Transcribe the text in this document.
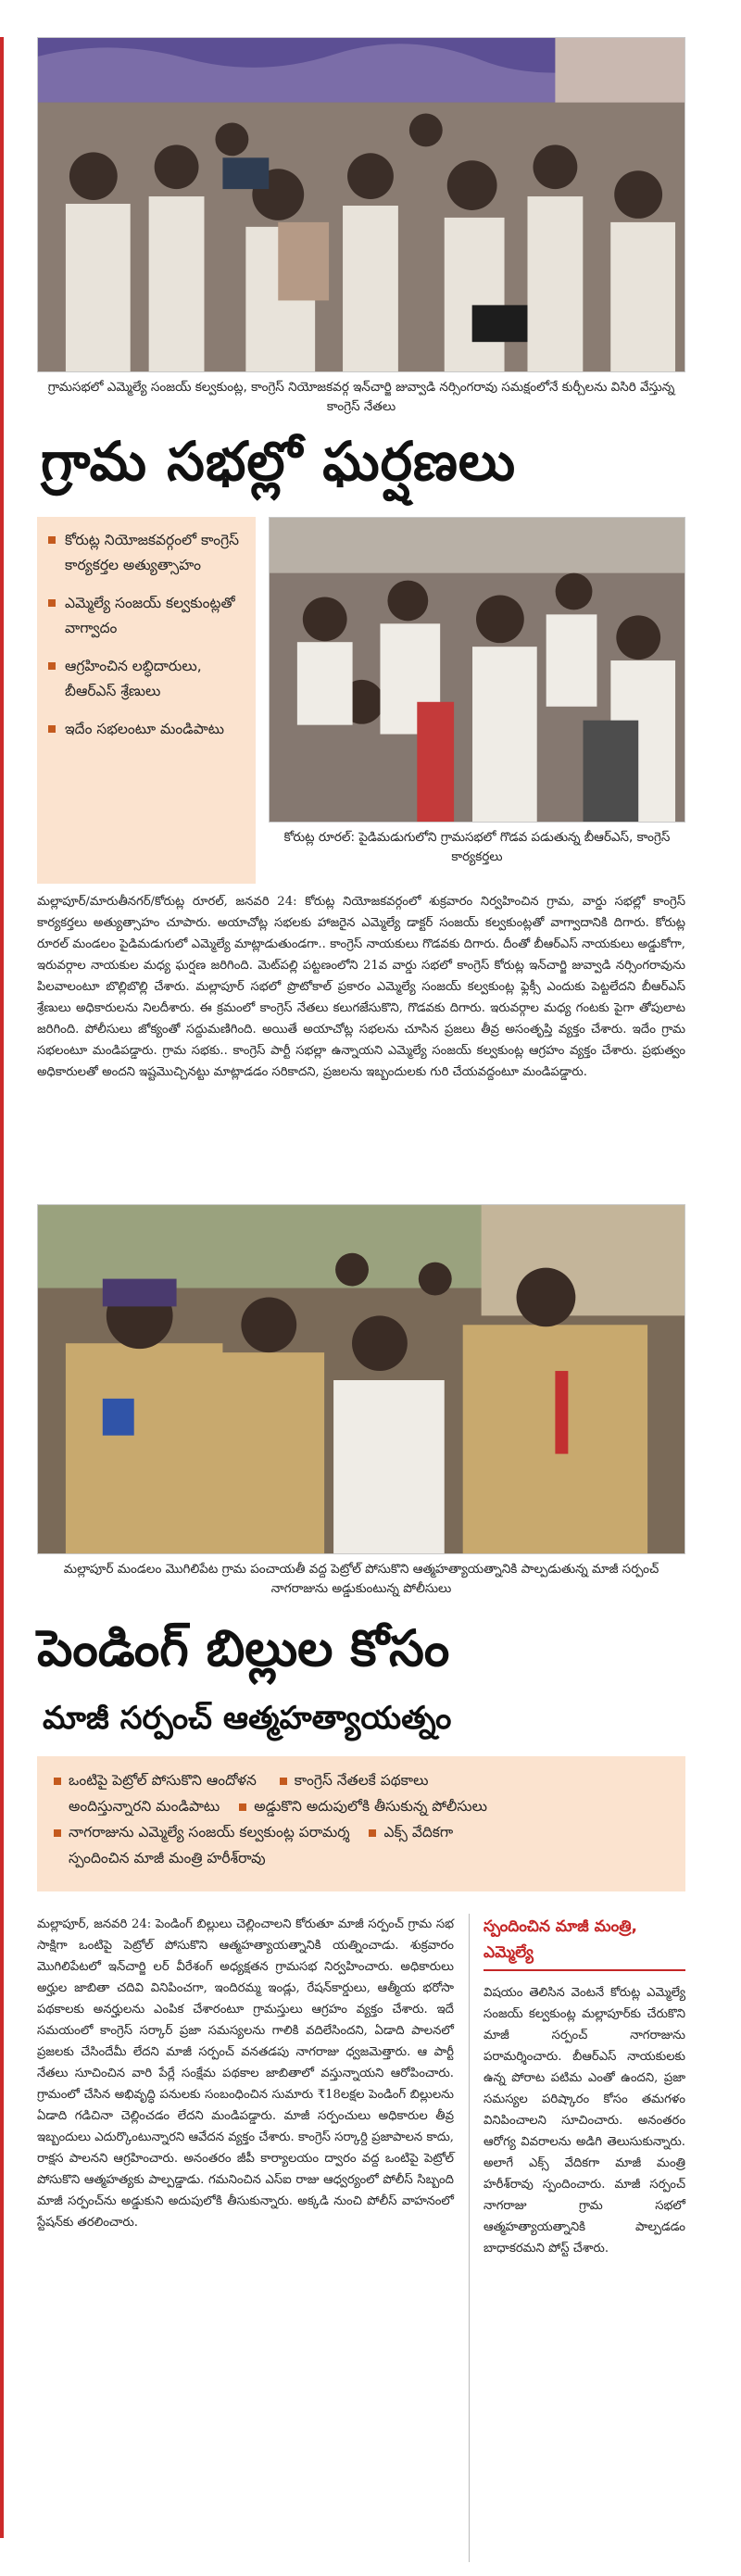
గ్రామసభలో ఎమ్మెల్యే సంజయ్ కల్వకుంట్ల, కాంగ్రెస్ నియోజకవర్గ ఇన్‌చార్జి జువ్వాడి నర్సింగరావు సమక్షంలోనే కుర్చీలను విసిరి వేస్తున్న కాంగ్రెస్ నేతలు
గ్రామ సభల్లో ఘర్షణలు
కోరుట్ల నియోజకవర్గంలో కాంగ్రెస్ కార్యకర్తల అత్యుత్సాహం
ఎమ్మెల్యే సంజయ్ కల్వకుంట్లతో వాగ్వాదం
ఆగ్రహించిన లబ్ధిదారులు, బీఆర్ఎస్ శ్రేణులు
ఇదేం సభలంటూ మండిపాటు
కోరుట్ల రూరల్: పైడిమడుగులోని గ్రామసభలో గొడవ పడుతున్న బీఆర్ఎస్, కాంగ్రెస్ కార్యకర్తలు
మల్లాపూర్/మారుతీనగర్/కోరుట్ల రూరల్, జనవరి 24: కోరుట్ల నియోజకవర్గంలో శుక్రవారం నిర్వహించిన గ్రామ, వార్డు సభల్లో కాంగ్రెస్ కార్యకర్తలు అత్యుత్సాహం చూపారు. అయాచోట్ల సభలకు హాజరైన ఎమ్మెల్యే డాక్టర్ సంజయ్ కల్వకుంట్లతో వాగ్వాదానికి దిగారు. కోరుట్ల రూరల్ మండలం పైడిమడుగులో ఎమ్మెల్యే మాట్లాడుతుండగా.. కాంగ్రెస్ నాయకులు గొడవకు దిగారు. దీంతో బీఆర్ఎస్ నాయకులు అడ్డుకోగా, ఇరువర్గాల నాయకుల మధ్య ఘర్షణ జరిగింది. మెట్‌పల్లి పట్టణంలోని 21వ వార్డు సభలో కాంగ్రెస్ కోరుట్ల ఇన్‌చార్జి జువ్వాడి నర్సింగరావును పిలవాలంటూ బొల్లిబొల్లి చేశారు. మల్లాపూర్ సభలో ప్రొటోకాల్ ప్రకారం ఎమ్మెల్యే సంజయ్ కల్వకుంట్ల ఫ్లెక్సీ ఎందుకు పెట్టలేదని బీఆర్ఎస్ శ్రేణులు అధికారులను నిలదీశారు. ఈ క్రమంలో కాంగ్రెస్ నేతలు కలుగజేసుకొని, గొడవకు దిగారు. ఇరువర్గాల మధ్య గంటకు పైగా తోపులాట జరిగింది. పోలీసులు జోక్యంతో సద్దుమణిగింది. అయితే అయాచోట్ల సభలను చూసిన ప్రజలు తీవ్ర అసంతృప్తి వ్యక్తం చేశారు. ఇదేం గ్రామ సభలంటూ మండిపడ్డారు. గ్రామ సభకు.. కాంగ్రెస్ పార్టీ సభల్లా ఉన్నాయని ఎమ్మెల్యే సంజయ్ కల్వకుంట్ల ఆగ్రహం వ్యక్తం చేశారు. ప్రభుత్వం అధికారులతో అందని ఇష్టమొచ్చినట్టు మాట్లాడడం సరికాదని, ప్రజలను ఇబ్బందులకు గురి చేయవద్దంటూ మండిపడ్డారు.
మల్లాపూర్ మండలం మొగిలిపేట గ్రామ పంచాయతీ వద్ద పెట్రోల్ పోసుకొని ఆత్మహత్యాయత్నానికి పాల్పడుతున్న మాజీ సర్పంచ్ నాగరాజును అడ్డుకుంటున్న పోలీసులు
పెండింగ్ బిల్లుల కోసం
మాజీ సర్పంచ్ ఆత్మహత్యాయత్నం
ఒంటిపై పెట్రోల్ పోసుకొని ఆందోళన	కాంగ్రెస్ నేతలకే పథకాలు
అందిస్తున్నారని మండిపాటు అడ్డుకొని అదుపులోకి తీసుకున్న పోలీసులు
నాగరాజును ఎమ్మెల్యే సంజయ్ కల్వకుంట్ల పరామర్శ ఎక్స్ వేదికగా
స్పందించిన మాజీ మంత్రి హరీశ్‌రావు
మల్లాపూర్, జనవరి 24: పెండింగ్ బిల్లులు చెల్లించాలని కోరుతూ మాజీ సర్పంచ్ గ్రామ సభ సాక్షిగా ఒంటిపై పెట్రోల్ పోసుకొని ఆత్మహత్యాయత్నానికి యత్నించాడు. శుక్రవారం మొగిలిపేటలో ఇన్‌చార్జి లర్ వీరేశంగ్ అధ్యక్షతన గ్రామసభ నిర్వహించారు. అధికారులు అర్హుల జాబితా చదివి వినిపించగా, ఇందిరమ్మ ఇండ్లు, రేషన్‌కార్డులు, ఆత్మీయ భరోసా పథకాలకు అనర్హులను ఎంపిక చేశారంటూ గ్రామస్తులు ఆగ్రహం వ్యక్తం చేశారు. ఇదే సమయంలో కాంగ్రెస్ సర్కార్ ప్రజా సమస్యలను గాలికి వదిలేసిందని, ఏడాది పాలనలో ప్రజలకు చేసిందేమీ లేదని మాజీ సర్పంచ్ వనతడపు నాగరాజు ధ్వజమెత్తారు. ఆ పార్టీ నేతలు సూచించిన వారి పేర్లే సంక్షేమ పథకాల జాబితాలో వస్తున్నాయని ఆరోపించారు. గ్రామంలో చేసిన అభివృద్ధి పనులకు సంబంధించిన సుమారు ₹18లక్షల పెండింగ్ బిల్లులను ఏడాది గడిచినా చెల్లించడం లేదని మండిపడ్డారు. మాజీ సర్పంచులు అధికారుల తీవ్ర ఇబ్బందులు ఎదుర్కొంటున్నారని ఆవేదన వ్యక్తం చేశారు. కాంగ్రెస్ సర్కార్ది ప్రజాపాలన కాదు, రాక్షస పాలనని ఆగ్రహించారు. అనంతరం జీపీ కార్యాలయం ద్వారం వద్ద ఒంటిపై పెట్రోల్ పోసుకొని ఆత్మహత్యకు పాల్పడ్డాడు. గమనించిన ఎస్ఐ రాజు ఆధ్వర్యంలో పోలీస్ సిబ్బంది మాజీ సర్పంచ్‌ను అడ్డుకుని అదుపులోకి తీసుకున్నారు. అక్కడి నుంచి పోలీస్ వాహనంలో స్టేషన్‌కు తరలించారు.
స్పందించిన మాజీ మంత్రి, ఎమ్మెల్యే
విషయం తెలిసిన వెంటనే కోరుట్ల ఎమ్మెల్యే సంజయ్ కల్వకుంట్ల మల్లాపూర్‌కు చేరుకొని మాజీ సర్పంచ్ నాగరాజును పరామర్శించారు. బీఆర్ఎస్ నాయకులకు ఉన్న పోరాట పటిమ ఎంతో ఉందని, ప్రజా సమస్యల పరిష్కారం కోసం తమగళం వినిపించాలని సూచించారు. అనంతరం ఆరోగ్య వివరాలను అడిగి తెలుసుకున్నారు. అలాగే ఎక్స్ వేదికగా మాజీ మంత్రి హరీశ్‌రావు స్పందించారు. మాజీ సర్పంచ్ నాగరాజు గ్రామ సభలో ఆత్మహత్యాయత్నానికి పాల్పడడం బాధాకరమని పోస్ట్ చేశారు.
